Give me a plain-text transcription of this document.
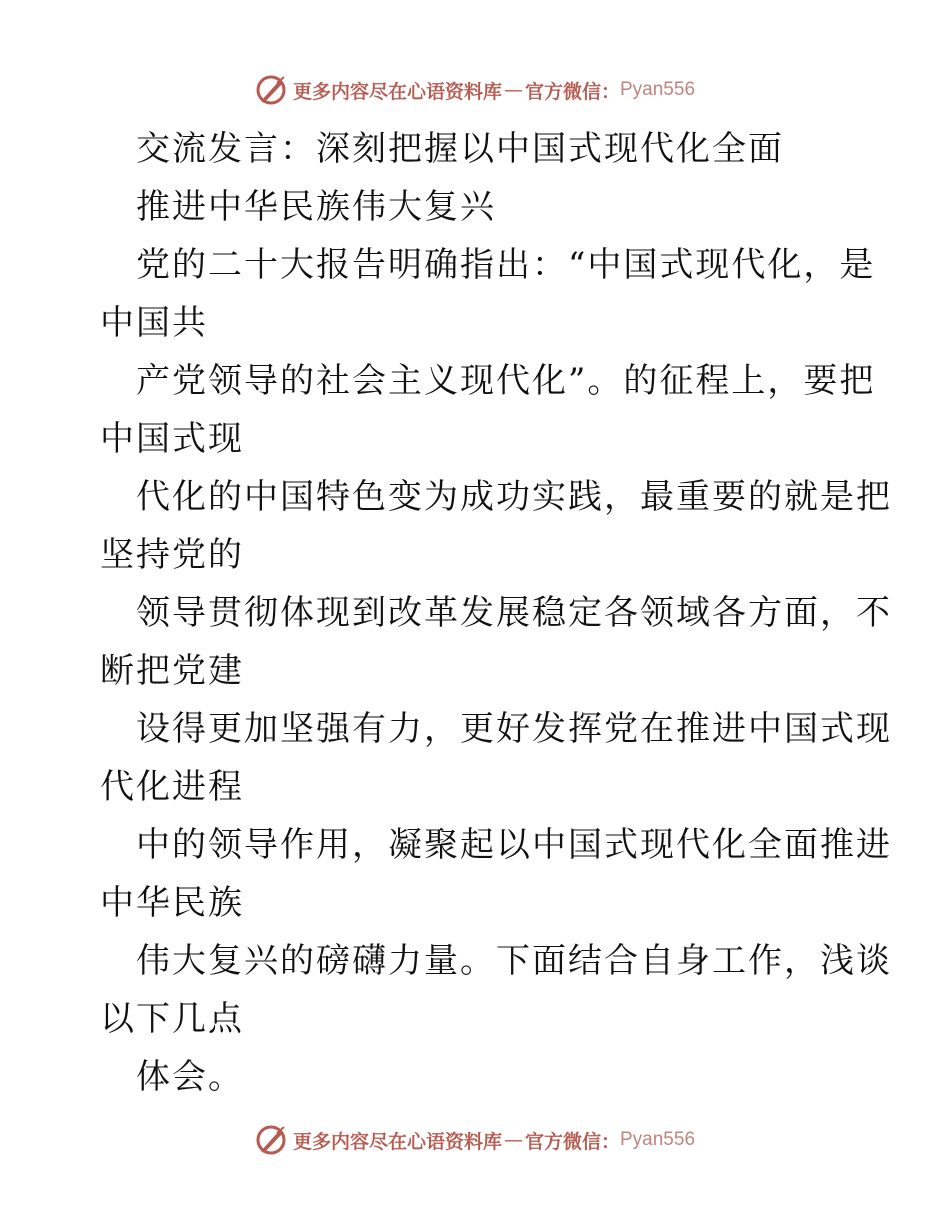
更多内容尽在心语资料库 — 官方微信： Pyan556
交流发言：深刻把握以中国式现代化全面
推进中华民族伟大复兴
党的二十大报告明确指出：“中国式现代化，是
中国共
产党领导的社会主义现代化”。的征程上，要把
中国式现
代化的中国特色变为成功实践，最重要的就是把
坚持党的
领导贯彻体现到改革发展稳定各领域各方面，不
断把党建
设得更加坚强有力，更好发挥党在推进中国式现
代化进程
中的领导作用，凝聚起以中国式现代化全面推进
中华民族
伟大复兴的磅礴力量。下面结合自身工作，浅谈
以下几点
体会。
更多内容尽在心语资料库 — 官方微信： Pyan556
